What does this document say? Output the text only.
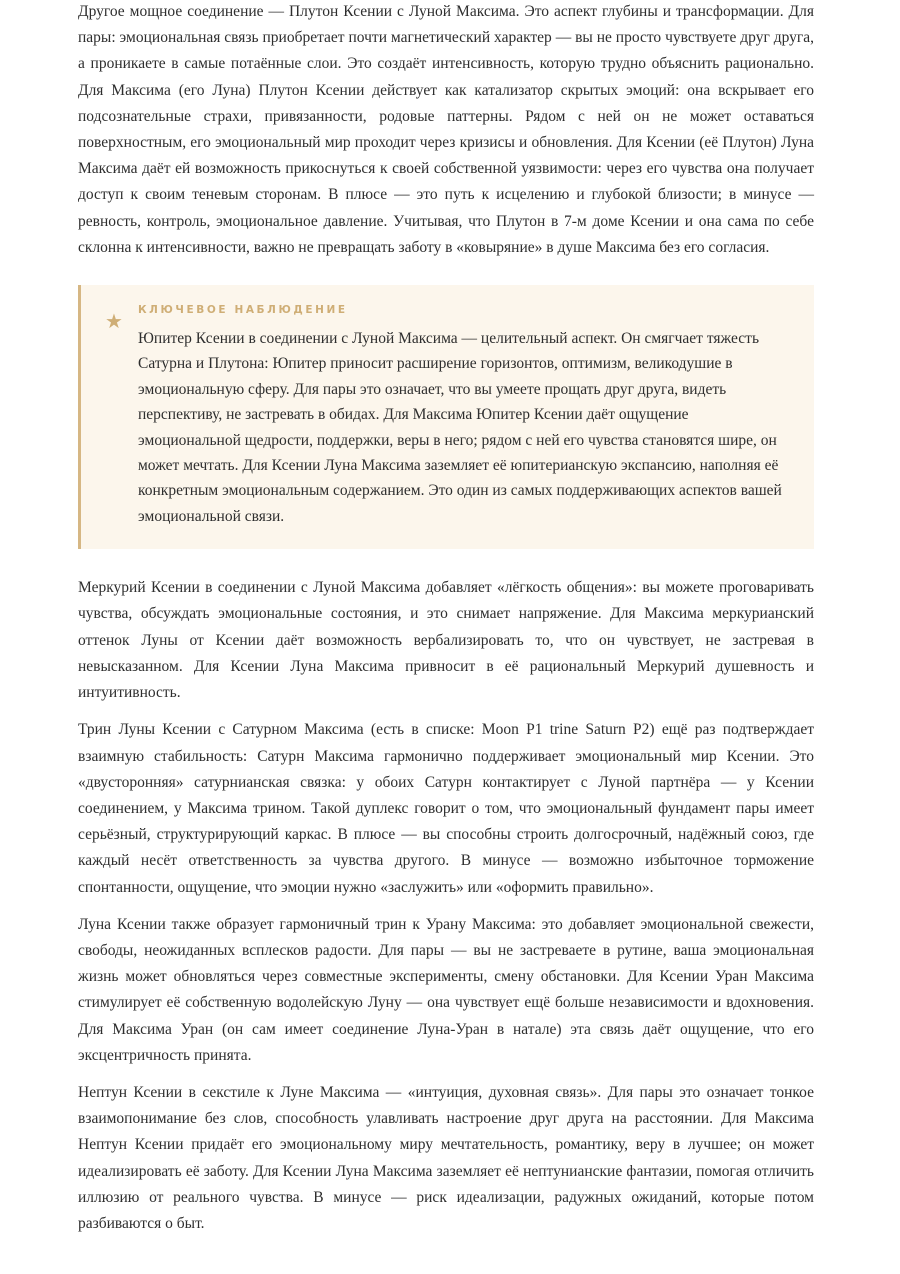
Другое мощное соединение — Плутон Ксении с Луной Максима. Это аспект глубины и трансформации. Для пары: эмоциональная связь приобретает почти магнетический характер — вы не просто чувствуете друг друга, а проникаете в самые потаённые слои. Это создаёт интенсивность, которую трудно объяснить рационально. Для Максима (его Луна) Плутон Ксении действует как катализатор скрытых эмоций: она вскрывает его подсознательные страхи, привязанности, родовые паттерны. Рядом с ней он не может оставаться поверхностным, его эмоциональный мир проходит через кризисы и обновления. Для Ксении (её Плутон) Луна Максима даёт ей возможность прикоснуться к своей собственной уязвимости: через его чувства она получает доступ к своим теневым сторонам. В плюсе — это путь к исцелению и глубокой близости; в минусе — ревность, контроль, эмоциональное давление. Учитывая, что Плутон в 7-м доме Ксении и она сама по себе склонна к интенсивности, важно не превращать заботу в «ковыряние» в душе Максима без его согласия.

★ КЛЮЧЕВОЕ НАБЛЮДЕНИЕ

Юпитер Ксении в соединении с Луной Максима — целительный аспект. Он смягчает тяжесть Сатурна и Плутона: Юпитер приносит расширение горизонтов, оптимизм, великодушие в эмоциональную сферу. Для пары это означает, что вы умеете прощать друг друга, видеть перспективу, не застревать в обидах. Для Максима Юпитер Ксении даёт ощущение эмоциональной щедрости, поддержки, веры в него; рядом с ней его чувства становятся шире, он может мечтать. Для Ксении Луна Максима заземляет её юпитерианскую экспансию, наполняя её конкретным эмоциональным содержанием. Это один из самых поддерживающих аспектов вашей эмоциональной связи.

Меркурий Ксении в соединении с Луной Максима добавляет «лёгкость общения»: вы можете проговаривать чувства, обсуждать эмоциональные состояния, и это снимает напряжение. Для Максима меркурианский оттенок Луны от Ксении даёт возможность вербализировать то, что он чувствует, не застревая в невысказанном. Для Ксении Луна Максима привносит в её рациональный Меркурий душевность и интуитивность.

Трин Луны Ксении с Сатурном Максима (есть в списке: Moon P1 trine Saturn P2) ещё раз подтверждает взаимную стабильность: Сатурн Максима гармонично поддерживает эмоциональный мир Ксении. Это «двусторонняя» сатурнианская связка: у обоих Сатурн контактирует с Луной партнёра — у Ксении соединением, у Максима трином. Такой дуплекс говорит о том, что эмоциональный фундамент пары имеет серьёзный, структурирующий каркас. В плюсе — вы способны строить долгосрочный, надёжный союз, где каждый несёт ответственность за чувства другого. В минусе — возможно избыточное торможение спонтанности, ощущение, что эмоции нужно «заслужить» или «оформить правильно».

Луна Ксении также образует гармоничный трин к Урану Максима: это добавляет эмоциональной свежести, свободы, неожиданных всплесков радости. Для пары — вы не застреваете в рутине, ваша эмоциональная жизнь может обновляться через совместные эксперименты, смену обстановки. Для Ксении Уран Максима стимулирует её собственную водолейскую Луну — она чувствует ещё больше независимости и вдохновения. Для Максима Уран (он сам имеет соединение Луна-Уран в натале) эта связь даёт ощущение, что его эксцентричность принята.

Нептун Ксении в секстиле к Луне Максима — «интуиция, духовная связь». Для пары это означает тонкое взаимопонимание без слов, способность улавливать настроение друг друга на расстоянии. Для Максима Нептун Ксении придаёт его эмоциональному миру мечтательность, романтику, веру в лучшее; он может идеализировать её заботу. Для Ксении Луна Максима заземляет её нептунианские фантазии, помогая отличить иллюзию от реального чувства. В минусе — риск идеализации, радужных ожиданий, которые потом разбиваются о быт.
